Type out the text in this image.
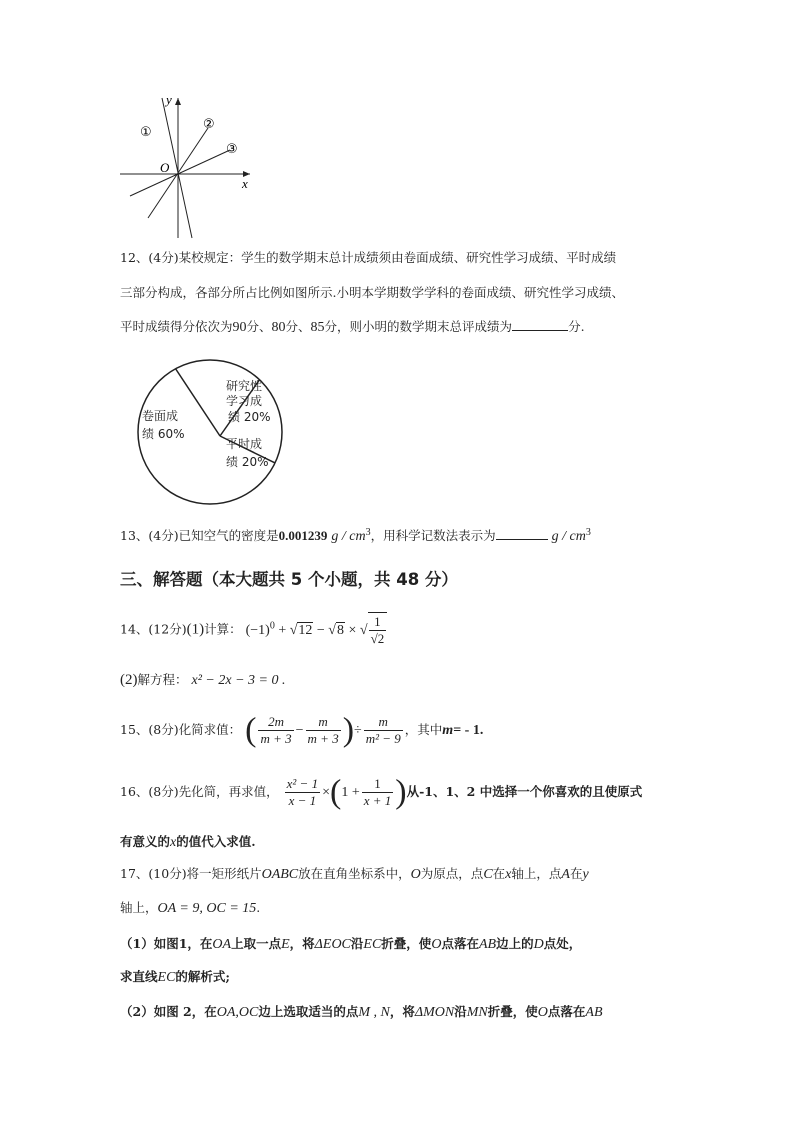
y
x
O
①
②
③
12、(4分)某校规定：学生的数学期末总计成绩须由卷面成绩、研究性学习成绩、平时成绩
三部分构成，各部分所占比例如图所示.小明本学期数学学科的卷面成绩、研究性学习成绩、
平时成绩得分依次为90分、80分、85分，则小明的数学期末总评成绩为	分.
卷面成
绩 60%
研究性
学习成
绩 20%
平时成
绩 20%
13、(4分)已知空气的密度是0.001239 g / $cm^3$，用科学记数法表示为	g / $cm^3$
三、解答题（本大题共 5 个小题，共 48 分）
14、(12分)(1)计算： $(-1)^0 + √12 - √8$ × √ $\frac{1}{√2}$
(2)解方程： x² − 2x − 3 = 0 .
15、(8分)化简求值： ( $\frac{2m}{m + 3} - \frac{m}{m + 3}$ )÷ $\frac{m}{\text{m² − 9}}$ ，其中m= - 1.
16、(8分)先化简，再求值， $\frac{\text{x² − 1}}{x - 1} \times(1 + \frac{1}{x + 1}$ )从-1、1、2 中选择一个你喜欢的且使原式
有意义的x的值代入求值.
17、(10分)将一矩形纸片OABC放在直角坐标系中，O为原点，点C在x轴上，点A在y
轴上，OA = 9, OC = 15.
（1）如图1，在OA上取一点E，将ΔEOC沿EC折叠，使O点落在AB边上的D点处，
求直线EC的解析式;
（2）如图 2，在OA,OC边上选取适当的点M , N，将ΔMON沿MN折叠，使O点落在AB
